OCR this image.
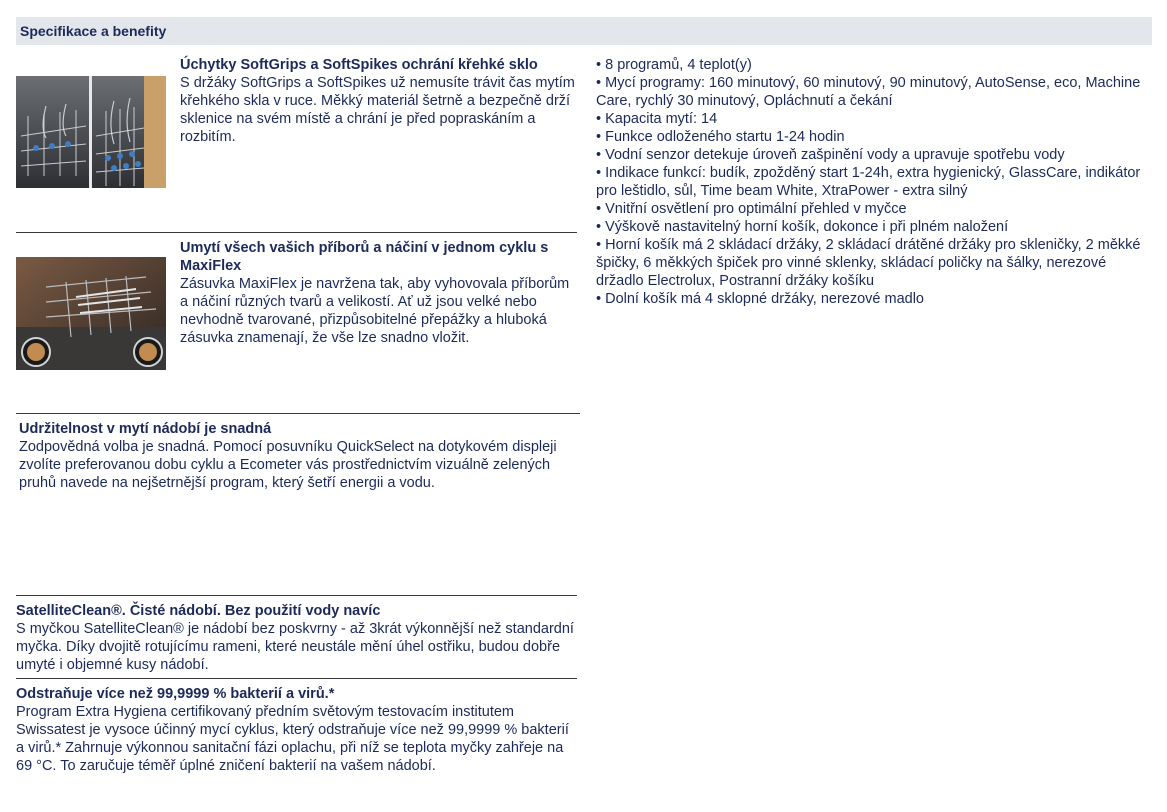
Specifikace a benefity
Úchytky SoftGrips a SoftSpikes ochrání křehké sklo
S držáky SoftGrips a SoftSpikes už nemusíte trávit čas mytím křehkého skla v ruce. Měkký materiál šetrně a bezpečně drží sklenice na svém místě a chrání je před popraskáním a rozbitím.
Umytí všech vašich příborů a náčiní v jednom cyklu s MaxiFlex
Zásuvka MaxiFlex je navržena tak, aby vyhovovala příborům a náčiní různých tvarů a velikostí. Ať už jsou velké nebo nevhodně tvarované, přizpůsobitelné přepážky a hluboká zásuvka znamenají, že vše lze snadno vložit.
Udržitelnost v mytí nádobí je snadná
Zodpovědná volba je snadná. Pomocí posuvníku QuickSelect na dotykovém displeji zvolíte preferovanou dobu cyklu a Ecometer vás prostřednictvím vizuálně zelených pruhů navede na nejšetrnější program, který šetří energii a vodu.
SatelliteClean®. Čisté nádobí. Bez použití vody navíc
S myčkou SatelliteClean® je nádobí bez poskvrny - až 3krát výkonnější než standardní myčka. Díky dvojitě rotujícímu rameni, které neustále mění úhel ostřiku, budou dobře umyté i objemné kusy nádobí.
Odstraňuje více než 99,9999 % bakterií a virů.*
Program Extra Hygiena certifikovaný předním světovým testovacím institutem Swissatest je vysoce účinný mycí cyklus, který odstraňuje více než 99,9999 % bakterií a virů.* Zahrnuje výkonnou sanitační fázi oplachu, při níž se teplota myčky zahřeje na 69 °C. To zaručuje téměř úplné zničení bakterií na vašem nádobí.
• 8 programů, 4 teplot(y)
• Mycí programy: 160 minutový, 60 minutový, 90 minutový, AutoSense, eco, Machine Care, rychlý 30 minutový, Opláchnutí a čekání
• Kapacita mytí: 14
• Funkce odloženého startu 1-24 hodin
• Vodní senzor detekuje úroveň zašpinění vody a upravuje spotřebu vody
• Indikace funkcí: budík, zpožděný start 1-24h, extra hygienický, GlassCare, indikátor pro leštidlo, sůl, Time beam White, XtraPower - extra silný
• Vnitřní osvětlení pro optimální přehled v myčce
• Výškově nastavitelný horní košík, dokonce i při plném naložení
• Horní košík má 2 skládací držáky, 2 skládací drátěné držáky pro skleničky, 2 měkké špičky, 6 měkkých špiček pro vinné sklenky, skládací poličky na šálky, nerezové držadlo Electrolux, Postranní držáky košíku
• Dolní košík má 4 sklopné držáky, nerezové madlo
